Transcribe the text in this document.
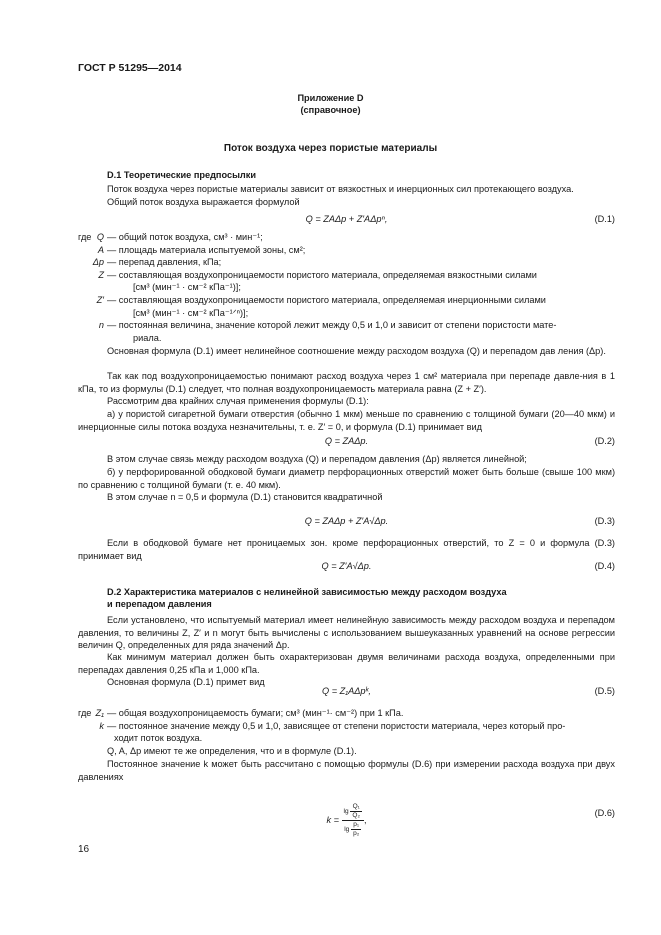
ГОСТ Р 51295—2014
Приложение D
(справочное)
Поток воздуха через пористые материалы
D.1 Теоретические предпосылки
Поток воздуха через пористые материалы зависит от вязкостных и инерционных сил протекающего воздуха.
Общий поток воздуха выражается формулой
Q = ZAΔp + Z′AΔpⁿ,	(D.1)
где Q — общий поток воздуха, см³ · мин⁻¹;
A — площадь материала испытуемой зоны, см²;
Δp — перепад давления, кПа;
Z — составляющая воздухопроницаемости пористого материала, определяемая вязкостными силами
[см³ (мин⁻¹ · см⁻² кПа⁻¹)];
Z′ — составляющая воздухопроницаемости пористого материала, определяемая инерционными силами
[см³ (мин⁻¹ · см⁻² кПа⁻¹ᐟⁿ)];
n — постоянная величина, значение которой лежит между 0,5 и 1,0 и зависит от степени пористости мате-
риала.
Основная формула (D.1) имеет нелинейное соотношение между расходом воздуха (Q) и перепадом дав ления (Δp).
Так как под воздухопроницаемостью понимают расход воздуха через 1 см² материала при перепаде давле-ния в 1 кПа, то из формулы (D.1) следует, что полная воздухопроницаемость материала равна (Z + Z′).
Рассмотрим два крайних случая применения формулы (D.1):
а) у пористой сигаретной бумаги отверстия (обычно 1 мкм) меньше по сравнению с толщиной бумаги (20—40 мкм) и инерционные силы потока воздуха незначительны, т. е. Z′ = 0, и формула (D.1) принимает вид
Q = ZAΔp.	(D.2)
В этом случае связь между расходом воздуха (Q) и перепадом давления (Δp) является линейной;
б) у перфорированной ободковой бумаги диаметр перфорационных отверстий может быть больше (свыше 100 мкм) по сравнению с толщиной бумаги (т. е. 40 мкм).
В этом случае n = 0,5 и формула (D.1) становится квадратичной
Q = ZAΔp + Z′A√Δp.	(D.3)
Если в ободковой бумаге нет проницаемых зон. кроме перфорационных отверстий, то Z = 0 и формула (D.3) принимает вид
Q = Z′A√Δp.	(D.4)
D.2 Характеристика материалов с нелинейной зависимостью между расходом воздуха
и перепадом давления
Если установлено, что испытуемый материал имеет нелинейную зависимость между расходом воздуха и перепадом давления, то величины Z, Z′ и n могут быть вычислены с использованием вышеуказанных уравнений на основе регрессии величин Q, определенных для ряда значений Δp.
Как минимум материал должен быть охарактеризован двумя величинами расхода воздуха, определенными при перепадах давления 0,25 кПа и 1,000 кПа.
Основная формула (D.1) примет вид
Q = Z₁AΔpᵏ,	(D.5)
где Z₁ — общая воздухопроницаемость бумаги; см³ (мин⁻¹· см⁻²) при 1 кПа.
k — постоянное значение между 0,5 и 1,0, зависящее от степени пористости материала, через который про-
ходит поток воздуха.
Q, A, Δp имеют те же определения, что и в формуле (D.1).
Постоянное значение k может быть рассчитано с помощью формулы (D.6) при измерении расхода воздуха при двух давлениях
$k = \frac{\lg \frac{\text{Q₁}}{\text{Q₂}}}{\lg \frac{\text{p₁}}{\text{p₂}}}$ ,
(D.6)
16
